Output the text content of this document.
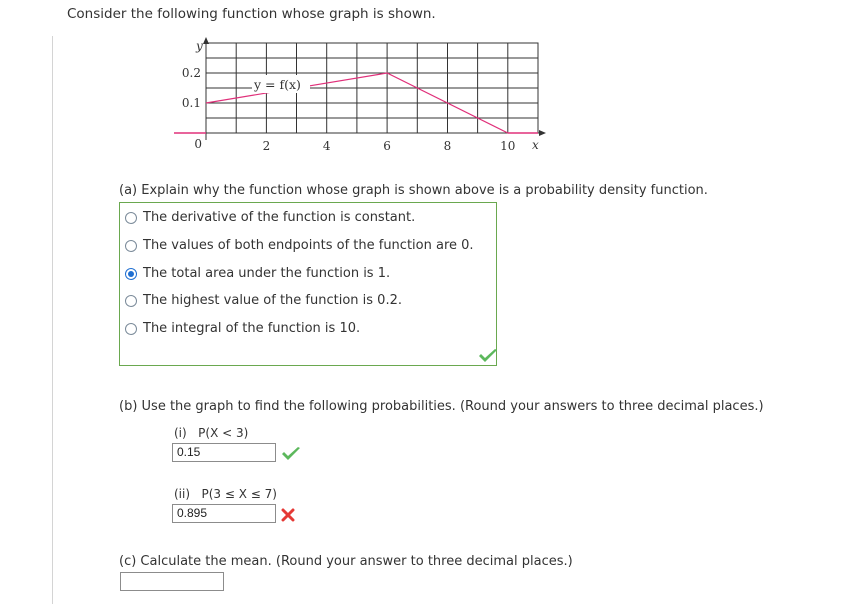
Consider the following function whose graph is shown.
y
0.2
0.1
0	2	4	6	8	10 x
y = f(x)
(a) Explain why the function whose graph is shown above is a probability density function.
The derivative of the function is constant.
The values of both endpoints of the function are 0.
The total area under the function is 1.
The highest value of the function is 0.2.
The integral of the function is 10.
(b) Use the graph to find the following probabilities. (Round your answers to three decimal places.)
(i) P(X < 3)
0.15
(ii) P(3 ≤ X ≤ 7)
0.895
(c) Calculate the mean. (Round your answer to three decimal places.)
